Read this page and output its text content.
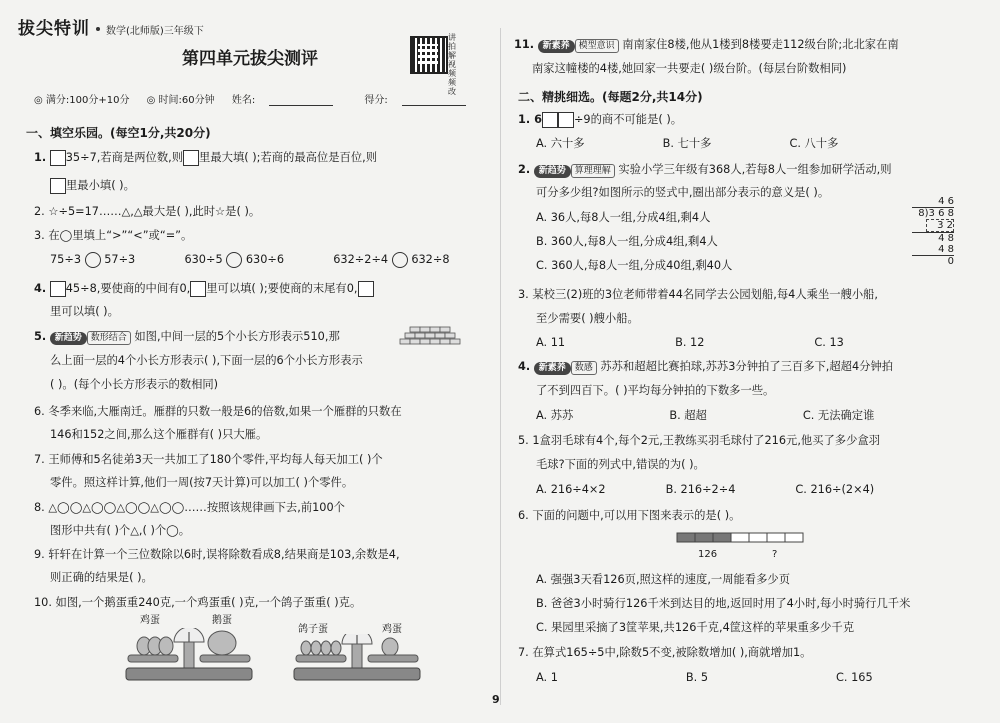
拔尖特训 数学(北师版)三年级下
第四单元拔尖测评
讲拍解视频频改
◎ 满分:100分+10分 ◎ 时间:60分钟 姓名:	得分:
一、填空乐园。(每空1分,共20分)
1. 35÷7,若商是两位数,则 里最大填( );若商的最高位是百位,则
里最小填( )。
2. ☆÷5=17……△,△最大是( ),此时☆是( )。
3. 在◯里填上“>”“<”或“=”。
75÷3 57÷3	630÷5 630÷6	632÷2÷4 632÷8
4. 45÷8,要使商的中间有0, 里可以填( );要使商的末尾有0,
里可以填( )。
5. 新趋势 数形结合 如图,中间一层的5个小长方形表示510,那
么上面一层的4个小长方形表示( ),下面一层的6个小长方形表示
( )。(每个小长方形表示的数相同)
6. 冬季来临,大雁南迁。雁群的只数一般是6的倍数,如果一个雁群的只数在
146和152之间,那么这个雁群有( )只大雁。
7. 王师傅和5名徒弟3天一共加工了180个零件,平均每人每天加工( )个
零件。照这样计算,他们一周(按7天计算)可以加工( )个零件。
8. △◯◯△◯◯△◯◯△◯◯……按照该规律画下去,前100个
图形中共有( )个△,( )个◯。
9. 轩轩在计算一个三位数除以6时,误将除数看成8,结果商是103,余数是4,
则正确的结果是( )。
10. 如图,一个鹅蛋重240克,一个鸡蛋重( )克,一个鸽子蛋重( )克。
鸡蛋	鹅蛋
鸽子蛋	鸡蛋
11. 新素养 模型意识 南南家住8楼,他从1楼到8楼要走112级台阶;北北家在南
南家这幢楼的4楼,她回家一共要走( )级台阶。(每层台阶数相同)
二、精挑细选。(每题2分,共14分)
1. 6	÷9的商不可能是( )。
A. 六十多	B. 七十多	C. 八十多
2. 新趋势 算理理解 实验小学三年级有368人,若每8人一组参加研学活动,则
可分多少组?如图所示的竖式中,圈出部分表示的意义是( )。
A. 36人,每8人一组,分成4组,剩4人
B. 360人,每8人一组,分成4组,剩4人
C. 360人,每8人一组,分成40组,剩40人
4 6
8)3 6 8
3 2
4 8
4 8
0
3. 某校三(2)班的3位老师带着44名同学去公园划船,每4人乘坐一艘小船,
至少需要( )艘小船。
A. 11	B. 12	C. 13
4. 新素养 数感 苏苏和超超比赛拍球,苏苏3分钟拍了三百多下,超超4分钟拍
了不到四百下。( )平均每分钟拍的下数多一些。
A. 苏苏	B. 超超	C. 无法确定谁
5. 1盒羽毛球有4个,每个2元,王教练买羽毛球付了216元,他买了多少盒羽
毛球?下面的列式中,错误的为( )。
A. 216÷4×2	B. 216÷2÷4	C. 216÷(2×4)
6. 下面的问题中,可以用下图来表示的是( )。
126	?
A. 强强3天看126页,照这样的速度,一周能看多少页
B. 爸爸3小时骑行126千米到达目的地,返回时用了4小时,每小时骑行几千米
C. 果园里采摘了3筐苹果,共126千克,4筐这样的苹果重多少千克
7. 在算式165÷5中,除数5不变,被除数增加( ),商就增加1。
A. 1	B. 5	C. 165
9
